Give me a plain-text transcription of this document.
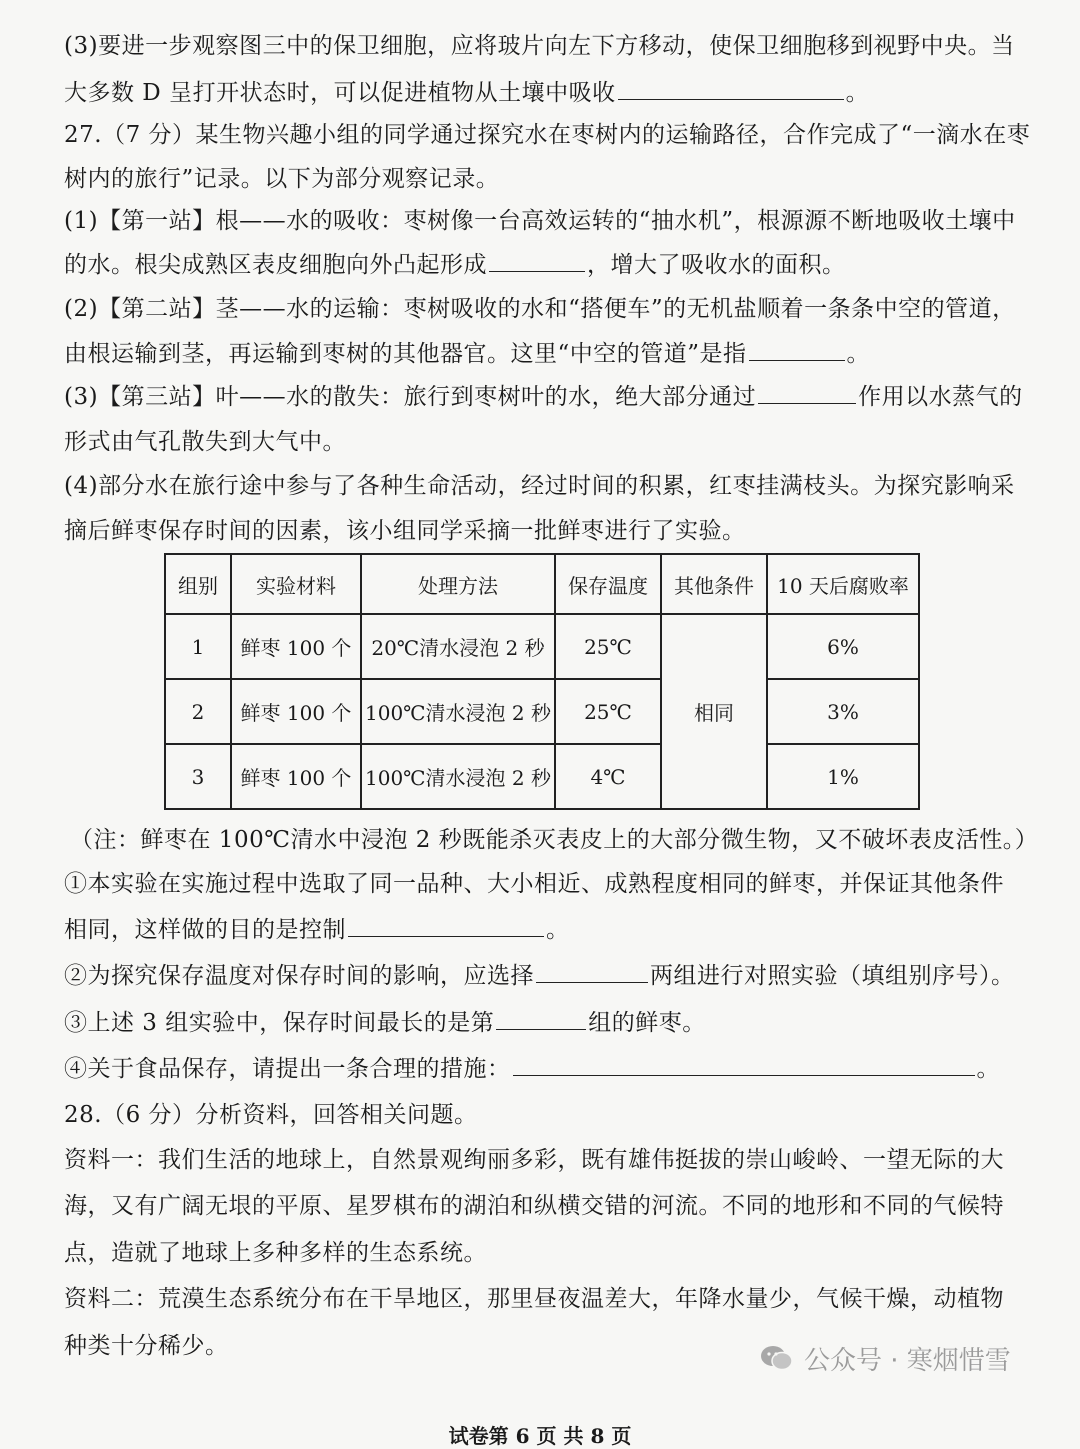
(3)要进一步观察图三中的保卫细胞，应将玻片向左下方移动，使保卫细胞移到视野中央。当
大多数 D 呈打开状态时，可以促进植物从土壤中吸收	。
27.（7 分）某生物兴趣小组的同学通过探究水在枣树内的运输路径，合作完成了“一滴水在枣
树内的旅行”记录。以下为部分观察记录。
(1)【第一站】根——水的吸收：枣树像一台高效运转的“抽水机”，根源源不断地吸收土壤中
的水。根尖成熟区表皮细胞向外凸起形成	，增大了吸收水的面积。
(2)【第二站】茎——水的运输：枣树吸收的水和“搭便车”的无机盐顺着一条条中空的管道，
由根运输到茎，再运输到枣树的其他器官。这里“中空的管道”是指	。
(3)【第三站】叶——水的散失：旅行到枣树叶的水，绝大部分通过	作用以水蒸气的
形式由气孔散失到大气中。
(4)部分水在旅行途中参与了各种生命活动，经过时间的积累，红枣挂满枝头。为探究影响采
摘后鲜枣保存时间的因素，该小组同学采摘一批鲜枣进行了实验。
组别	实验材料	处理方法	保存温度	其他条件	10 天后腐败率
1	鲜枣 100 个	20℃清水浸泡 2 秒	25℃	相同	6%
2	鲜枣 100 个	100℃清水浸泡 2 秒	25℃		3%
3	鲜枣 100 个	100℃清水浸泡 2 秒	4℃		1%
（注：鲜枣在 100℃清水中浸泡 2 秒既能杀灭表皮上的大部分微生物，又不破坏表皮活性。）
①本实验在实施过程中选取了同一品种、大小相近、成熟程度相同的鲜枣，并保证其他条件
相同，这样做的目的是控制	。
②为探究保存温度对保存时间的影响，应选择	两组进行对照实验（填组别序号）。
③上述 3 组实验中，保存时间最长的是第	组的鲜枣。
④关于食品保存，请提出一条合理的措施：	。
28.（6 分）分析资料，回答相关问题。
资料一：我们生活的地球上，自然景观绚丽多彩，既有雄伟挺拔的崇山峻岭、一望无际的大
海，又有广阔无垠的平原、星罗棋布的湖泊和纵横交错的河流。不同的地形和不同的气候特
点，造就了地球上多种多样的生态系统。
资料二：荒漠生态系统分布在干旱地区，那里昼夜温差大，年降水量少，气候干燥，动植物
种类十分稀少。	公众号 · 寒烟惜雪
试卷第 6 页 共 8 页
